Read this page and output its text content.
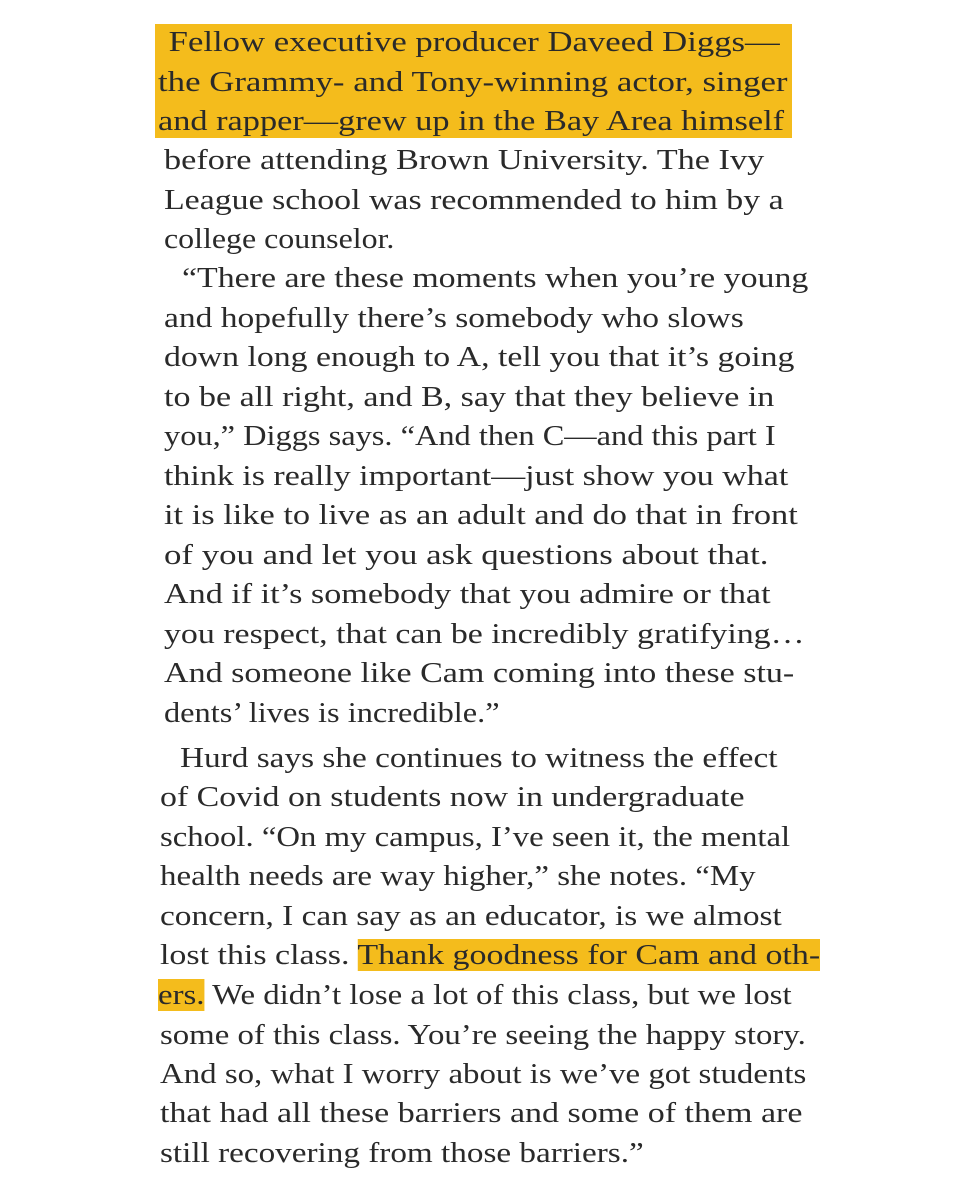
Fellow executive producer Daveed Diggs—
the Grammy- and Tony-winning actor, singer
and rapper—grew up in the Bay Area himself
before attending Brown University. The Ivy
League school was recommended to him by a
college counselor.
“There are these moments when you’re young
and hopefully there’s somebody who slows
down long enough to A, tell you that it’s going
to be all right, and B, say that they believe in
you,” Diggs says. “And then C—and this part I
think is really important—just show you what
it is like to live as an adult and do that in front
of you and let you ask questions about that.
And if it’s somebody that you admire or that
you respect, that can be incredibly gratifying…
And someone like Cam coming into these stu-
dents’ lives is incredible.”
Hurd says she continues to witness the effect
of Covid on students now in undergraduate
school. “On my campus, I’ve seen it, the mental
health needs are way higher,” she notes. “My
concern, I can say as an educator, is we almost
lost this class. Thank goodness for Cam and oth-
ers. We didn’t lose a lot of this class, but we lost
some of this class. You’re seeing the happy story.
And so, what I worry about is we’ve got students
that had all these barriers and some of them are
still recovering from those barriers.”
